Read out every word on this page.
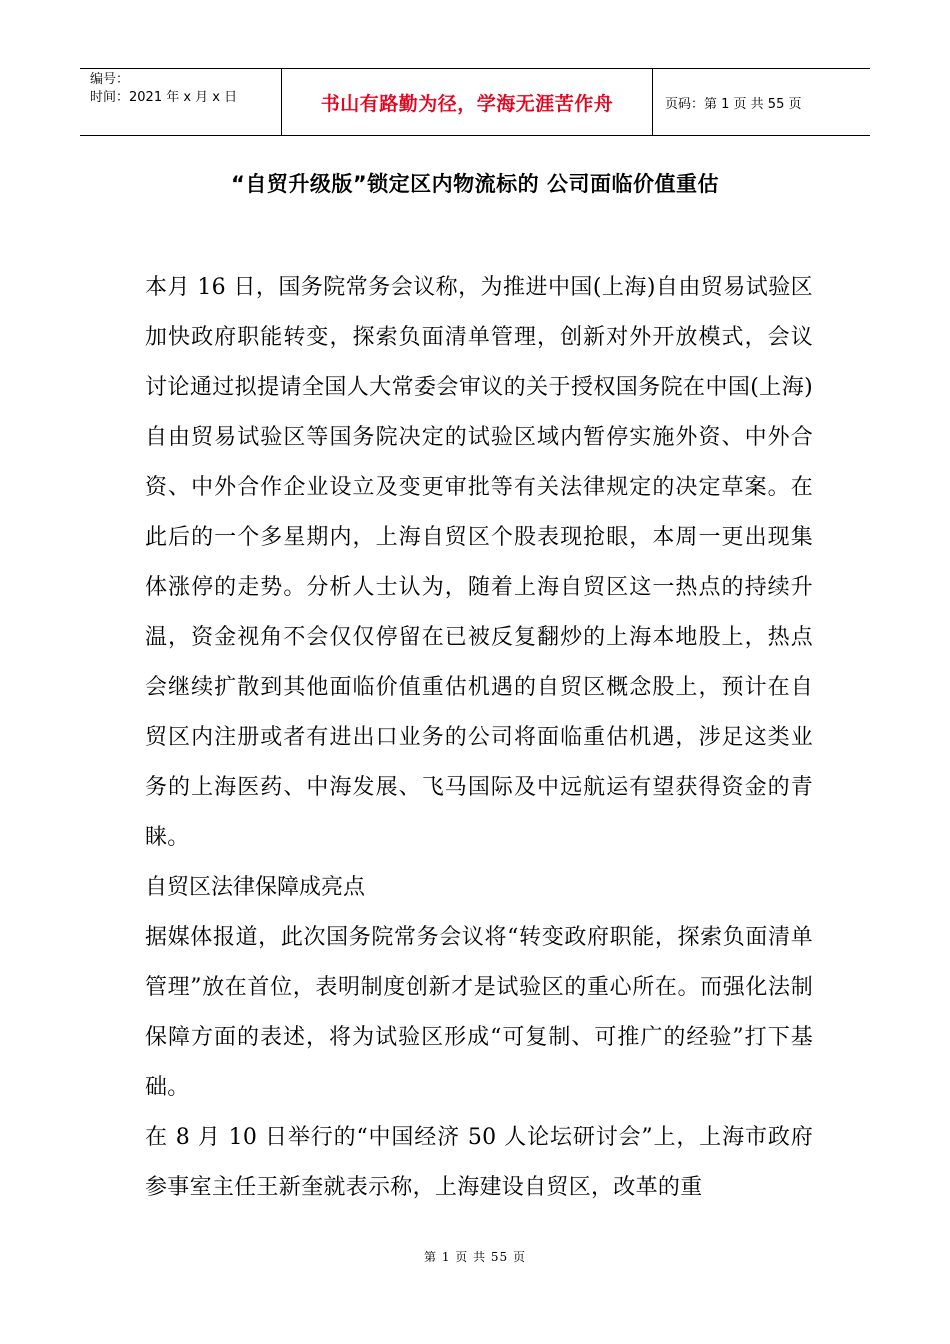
编号：
时间：2021 年 x 月 x 日	书山有路勤为径，学海无涯苦作舟	页码：第 1 页 共 55 页
“自贸升级版”锁定区内物流标的 公司面临价值重估

本月 16 日，国务院常务会议称，为推进中国(上海)自由贸易试验区加快政府职能转变，探索负面清单管理，创新对外开放模式，会议讨论通过拟提请全国人大常委会审议的关于授权国务院在中国(上海)自由贸易试验区等国务院决定的试验区域内暂停实施外资、中外合资、中外合作企业设立及变更审批等有关法律规定的决定草案。在此后的一个多星期内，上海自贸区个股表现抢眼，本周一更出现集体涨停的走势。分析人士认为，随着上海自贸区这一热点的持续升温，资金视角不会仅仅停留在已被反复翻炒的上海本地股上，热点会继续扩散到其他面临价值重估机遇的自贸区概念股上，预计在自贸区内注册或者有进出口业务的公司将面临重估机遇，涉足这类业务的上海医药、中海发展、飞马国际及中远航运有望获得资金的青睐。

自贸区法律保障成亮点

据媒体报道，此次国务院常务会议将“转变政府职能，探索负面清单管理”放在首位，表明制度创新才是试验区的重心所在。而强化法制保障方面的表述，将为试验区形成“可复制、可推广的经验”打下基础。

在 8 月 10 日举行的“中国经济 50 人论坛研讨会”上，上海市政府参事室主任王新奎就表示称，上海建设自贸区，改革的重

第 1 页 共 55 页
